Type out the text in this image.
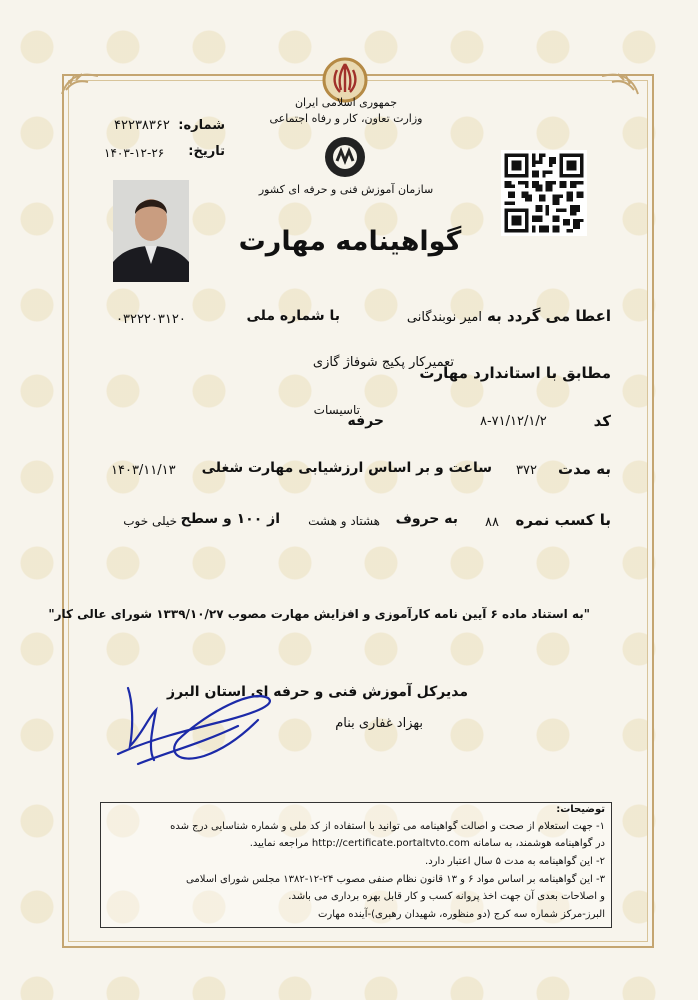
جمهوری اسلامی ایران
وزارت تعاون، کار و رفاه اجتماعی
سازمان آموزش فنی و حرفه ای کشور
شماره:
۴۲۲۳۸۳۶۲
تاریخ:
۱۴۰۳-۱۲-۲۶
گواهینامه مهارت
اعطا می گردد به
امیر نوبندگانی
با شماره ملی
۰۳۲۲۲۰۳۱۲۰
مطابق با استاندارد مهارت
تعمیرکار پکیج شوفاژ گازی
کد
۸-۷۱/۱۲/۱/۲
حرفه
تاسیسات
به مدت
۳۷۲
ساعت و بر اساس ارزشیابی مهارت شغلی
۱۴۰۳/۱۱/۱۳
با کسب نمره
۸۸
به حروف
هشتاد و هشت
از ۱۰۰ و سطح
خیلی خوب
"به استناد ماده ۶ آیین نامه کارآموزی و افزایش مهارت مصوب ۱۳۳۹/۱۰/۲۷ شورای عالی کار"
مدیرکل آموزش فنی و حرفه ای استان البرز
بهزاد غفاری بنام
توضیحات:
۱- جهت استعلام از صحت و اصالت گواهینامه می توانید با استفاده از کد ملی و شماره شناسایی درج شده
در گواهینامه هوشمند، به سامانه http://certificate.portaltvto.com مراجعه نمایید.
۲- این گواهینامه به مدت ۵ سال اعتبار دارد.
۳- این گواهینامه بر اساس مواد ۶ و ۱۳ قانون نظام صنفی مصوب ۲۴-۱۲-۱۳۸۲ مجلس شورای اسلامی
و اصلاحات بعدی آن جهت اخذ پروانه کسب و کار قابل بهره برداری می باشد.
البرز-مرکز شماره سه کرج (دو منظوره، شهیدان رهبری)-آینده مهارت
